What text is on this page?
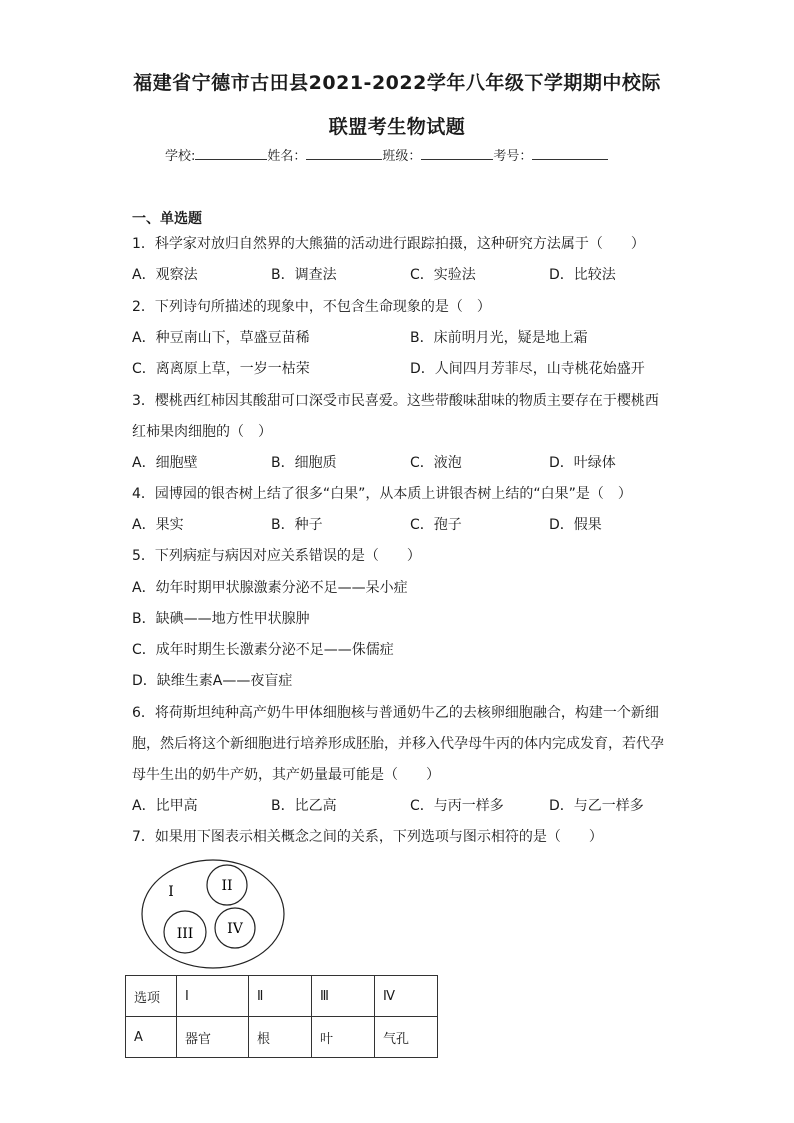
福建省宁德市古田县2021-2022学年八年级下学期期中校际
联盟考生物试题
学校:	姓名：	班级：	考号：
一、单选题
1．科学家对放归自然界的大熊猫的活动进行跟踪拍摄，这种研究方法属于（　　）
A．观察法	B．调查法	C．实验法	D．比较法
2．下列诗句所描述的现象中，不包含生命现象的是（　）
A．种豆南山下，草盛豆苗稀	B．床前明月光，疑是地上霜
C．离离原上草，一岁一枯荣	D．人间四月芳菲尽，山寺桃花始盛开
3．樱桃西红柿因其酸甜可口深受市民喜爱。这些带酸味甜味的物质主要存在于樱桃西
红柿果肉细胞的（　）
A．细胞壁	B．细胞质	C．液泡	D．叶绿体
4．园博园的银杏树上结了很多“白果”，从本质上讲银杏树上结的“白果”是（　）
A．果实	B．种子	C．孢子	D．假果
5．下列病症与病因对应关系错误的是（　　）
A．幼年时期甲状腺激素分泌不足——呆小症
B．缺碘——地方性甲状腺肿
C．成年时期生长激素分泌不足——侏儒症
D．缺维生素A——夜盲症
6．将荷斯坦纯种高产奶牛甲体细胞核与普通奶牛乙的去核卵细胞融合，构建一个新细
胞，然后将这个新细胞进行培养形成胚胎，并移入代孕母牛丙的体内完成发育，若代孕
母牛生出的奶牛产奶，其产奶量最可能是（　　）
A．比甲高	B．比乙高	C．与丙一样多	D．与乙一样多
7．如果用下图表示相关概念之间的关系，下列选项与图示相符的是（　　）
I	II
III IV
选项	I	Ⅱ	Ⅲ	Ⅳ
A	器官	根	叶	气孔
